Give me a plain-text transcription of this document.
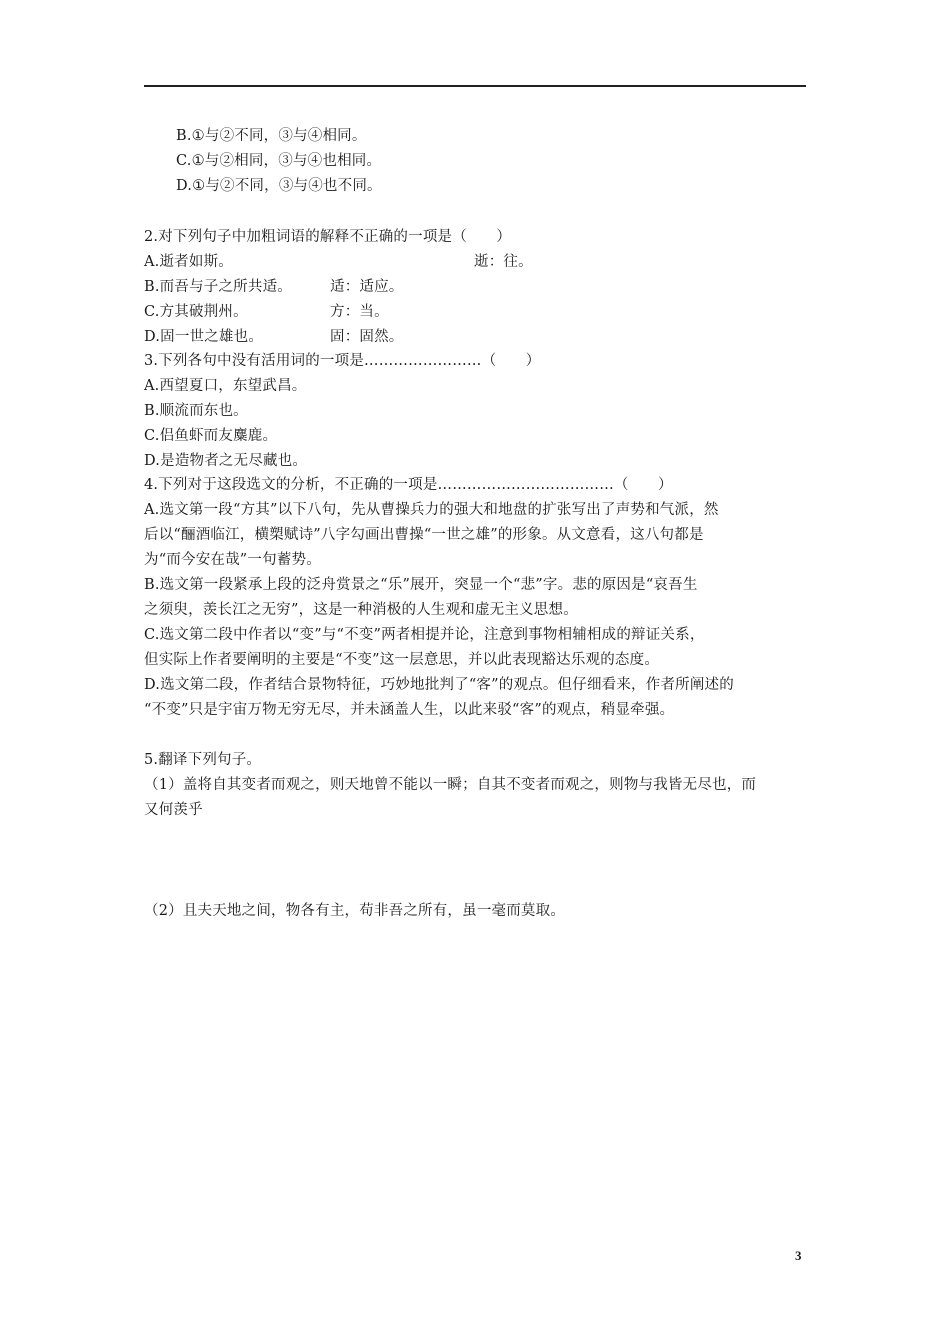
B.①与②不同，③与④相同。
C.①与②相同，③与④也相同。
D.①与②不同，③与④也不同。
2.对下列句子中加粗词语的解释不正确的一项是（　　）
A.逝者如斯。	逝：往。
B.而吾与子之所共适。	适：适应。
C.方其破荆州。	方：当。
D.固一世之雄也。	固：固然。
3.下列各句中没有活用词的一项是……………………（　　）
A.西望夏口，东望武昌。
B.顺流而东也。
C.侣鱼虾而友麋鹿。
D.是造物者之无尽藏也。
4.下列对于这段选文的分析，不正确的一项是………………………………（　　）
A.选文第一段“方其”以下八句，先从曹操兵力的强大和地盘的扩张写出了声势和气派，然
后以“酾酒临江，横槊赋诗”八字勾画出曹操“一世之雄”的形象。从文意看，这八句都是
为“而今安在哉”一句蓄势。
B.选文第一段紧承上段的泛舟赏景之“乐”展开，突显一个“悲”字。悲的原因是“哀吾生
之须臾，羡长江之无穷”，这是一种消极的人生观和虚无主义思想。
C.选文第二段中作者以“变”与“不变”两者相提并论，注意到事物相辅相成的辩证关系，
但实际上作者要阐明的主要是“不变”这一层意思，并以此表现豁达乐观的态度。
D.选文第二段，作者结合景物特征，巧妙地批判了“客”的观点。但仔细看来，作者所阐述的
“不变”只是宇宙万物无穷无尽，并未涵盖人生，以此来驳“客”的观点，稍显牵强。
5.翻译下列句子。
（1）盖将自其变者而观之，则天地曾不能以一瞬；自其不变者而观之，则物与我皆无尽也，而
又何羡乎
（2）且夫天地之间，物各有主，苟非吾之所有，虽一毫而莫取。
3
